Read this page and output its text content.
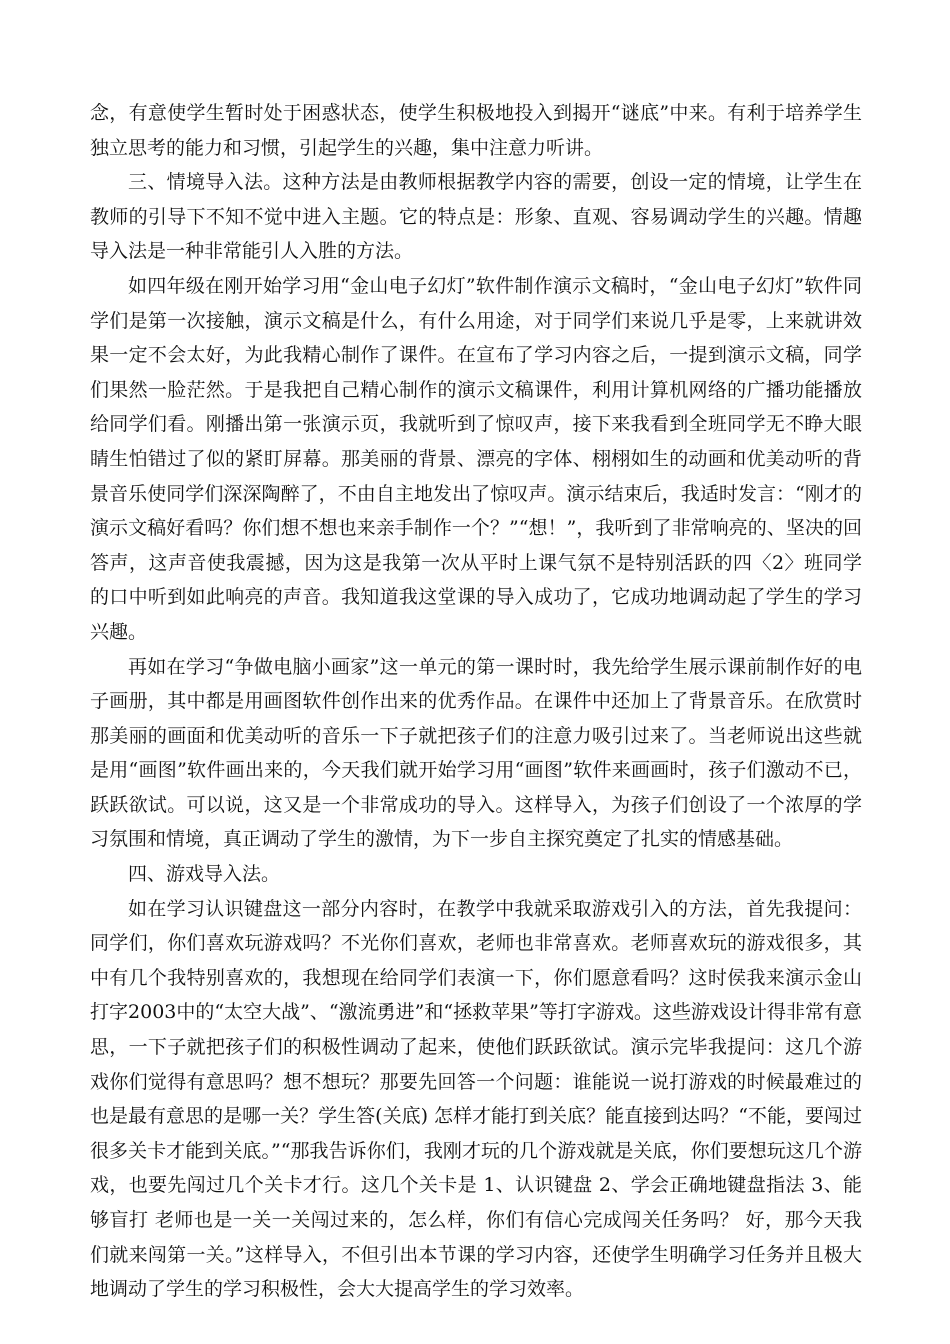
念，有意使学生暂时处于困惑状态，使学生积极地投入到揭开“谜底”中来。有利于培养学生独立思考的能力和习惯，引起学生的兴趣，集中注意力听讲。

三、情境导入法。这种方法是由教师根据教学内容的需要，创设一定的情境，让学生在教师的引导下不知不觉中进入主题。它的特点是：形象、直观、容易调动学生的兴趣。情趣导入法是一种非常能引人入胜的方法。

如四年级在刚开始学习用“金山电子幻灯”软件制作演示文稿时，“金山电子幻灯”软件同学们是第一次接触，演示文稿是什么，有什么用途，对于同学们来说几乎是零，上来就讲效果一定不会太好，为此我精心制作了课件。在宣布了学习内容之后，一提到演示文稿，同学们果然一脸茫然。于是我把自己精心制作的演示文稿课件，利用计算机网络的广播功能播放给同学们看。刚播出第一张演示页，我就听到了惊叹声，接下来我看到全班同学无不睁大眼睛生怕错过了似的紧盯屏幕。那美丽的背景、漂亮的字体、栩栩如生的动画和优美动听的背景音乐使同学们深深陶醉了，不由自主地发出了惊叹声。演示结束后，我适时发言：“刚才的演示文稿好看吗？你们想不想也来亲手制作一个？”“想！”，我听到了非常响亮的、坚决的回答声，这声音使我震撼，因为这是我第一次从平时上课气氛不是特别活跃的四〈2〉班同学的口中听到如此响亮的声音。我知道我这堂课的导入成功了，它成功地调动起了学生的学习兴趣。

再如在学习“争做电脑小画家”这一单元的第一课时时，我先给学生展示课前制作好的电子画册，其中都是用画图软件创作出来的优秀作品。在课件中还加上了背景音乐。在欣赏时那美丽的画面和优美动听的音乐一下子就把孩子们的注意力吸引过来了。当老师说出这些就是用“画图”软件画出来的，今天我们就开始学习用“画图”软件来画画时，孩子们激动不已，跃跃欲试。可以说，这又是一个非常成功的导入。这样导入，为孩子们创设了一个浓厚的学习氛围和情境，真正调动了学生的激情，为下一步自主探究奠定了扎实的情感基础。

四、游戏导入法。

如在学习认识键盘这一部分内容时，在教学中我就采取游戏引入的方法，首先我提问：同学们，你们喜欢玩游戏吗？不光你们喜欢，老师也非常喜欢。老师喜欢玩的游戏很多，其中有几个我特别喜欢的，我想现在给同学们表演一下，你们愿意看吗？这时侯我来演示金山打字2003中的“太空大战”、“激流勇进”和“拯救苹果”等打字游戏。这些游戏设计得非常有意思，一下子就把孩子们的积极性调动了起来，使他们跃跃欲试。演示完毕我提问：这几个游戏你们觉得有意思吗？想不想玩？那要先回答一个问题：谁能说一说打游戏的时候最难过的也是最有意思的是哪一关？学生答(关底) 怎样才能打到关底？能直接到达吗？“不能，要闯过很多关卡才能到关底。”“那我告诉你们，我刚才玩的几个游戏就是关底，你们要想玩这几个游戏，也要先闯过几个关卡才行。这几个关卡是 1、认识键盘 2、学会正确地键盘指法 3、能够盲打 老师也是一关一关闯过来的，怎么样，你们有信心完成闯关任务吗？ 好，那今天我们就来闯第一关。”这样导入，不但引出本节课的学习内容，还使学生明确学习任务并且极大地调动了学生的学习积极性，会大大提高学生的学习效率。
